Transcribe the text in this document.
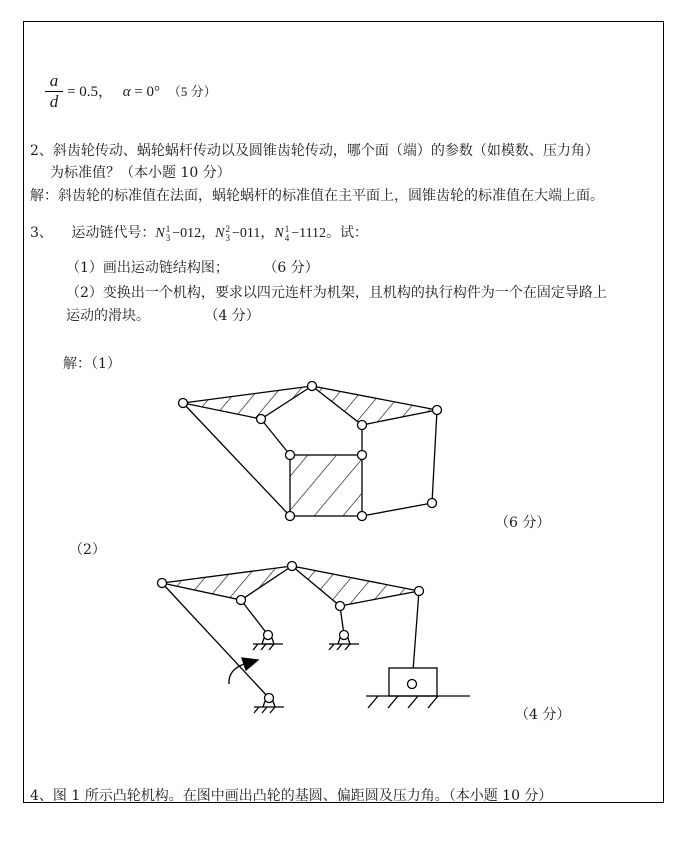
a
d = 0.5， α = 0° （5 分）
2、斜齿轮传动、蜗轮蜗杆传动以及圆锥齿轮传动，哪个面（端）的参数（如模数、压力角）
为标准值？（本小题 10 分）
解：斜齿轮的标准值在法面，蜗轮蜗杆的标准值在主平面上，圆锥齿轮的标准值在大端上面。
3、 运动链代号：N 1
3 −012，N 2
3 −011，N 1
4 −1112。试：
（1）画出运动链结构图； （6 分）
（2）变换出一个机构，要求以四元连杆为机架，且机构的执行构件为一个在固定导路上
运动的滑块。	（4 分）
解：（1）
（6 分）
（2）
（4 分）
4、图 1 所示凸轮机构。在图中画出凸轮的基圆、偏距圆及压力角。（本小题 10 分）
